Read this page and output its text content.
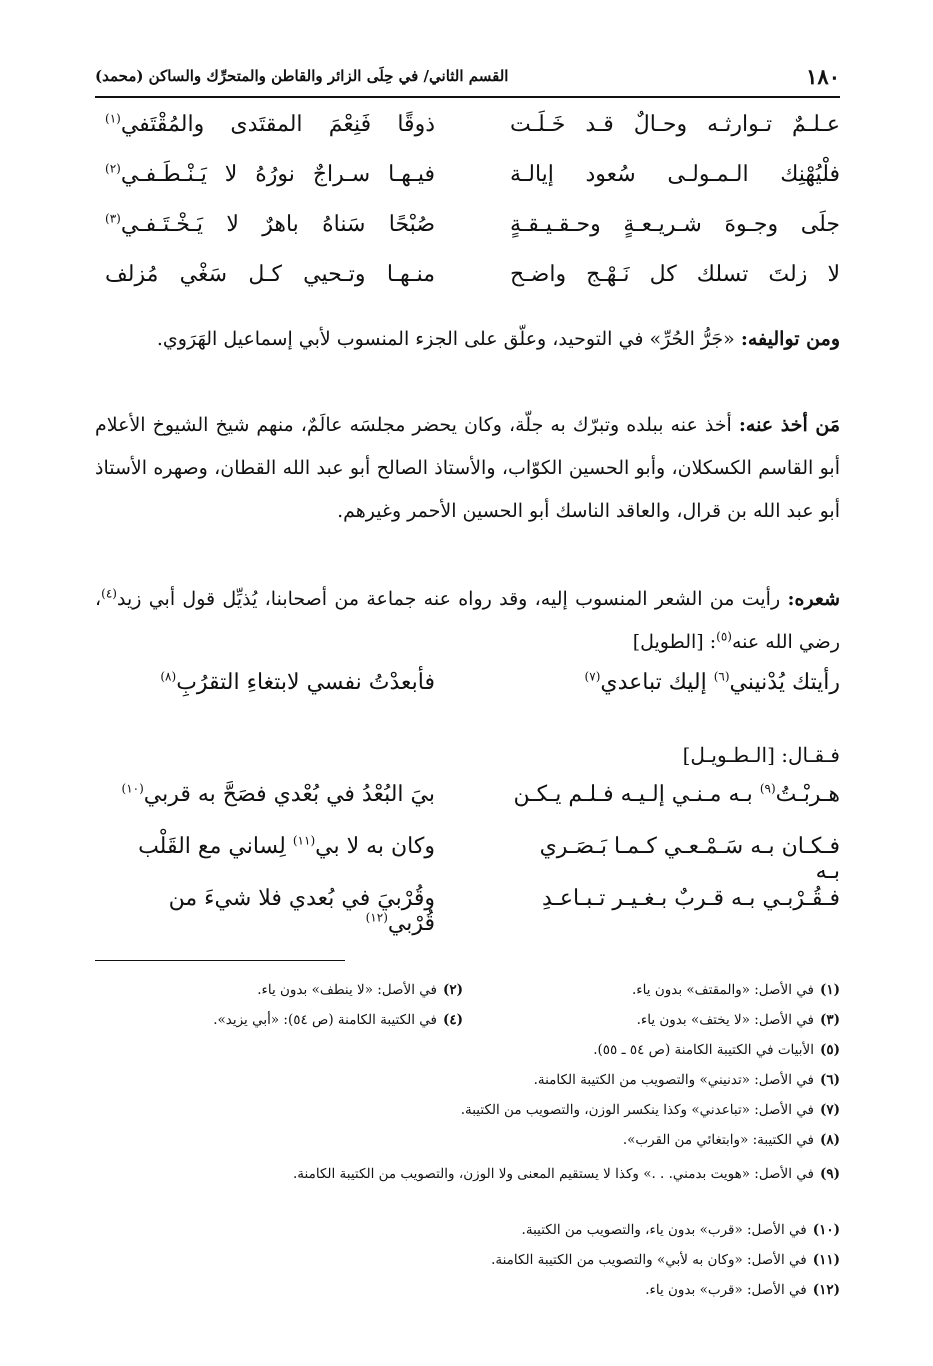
١٨٠
القسم الثاني/ في حِلَى الزائر والقاطن والمتحرِّك والساكن (محمد)
عـلـمٌ تـوارثـه وحـالٌ قـد خَـلَـت
ذوقًا فَنِعْمَ المقتَدى والمُقْتَفي$^{(١)}$
فلْيُهْنِك الـمـولـى سُعود إيالـة
فيـهـا سـراجٌ نورُهُ لا يَـنْـطَـفـي$^{(٢)}$
جلَى وجـوهَ شـريـعـةٍ وحـقـيـقـةٍ
صُبْحًا سَناهُ باهرٌ لا يَـخْـتَـفـي$^{(٣)}$
لا زلتَ تسلك كل نَـهْـج واضـح
منـهـا وتـحيي كـل سَغْي مُزلف
ومن تواليفه: «جَرُّ الحُرِّ» في التوحيد، وعلّق على الجزء المنسوب لأبي إسماعيل الهَرَوي.
مَن أخذ عنه: أخذ عنه ببلده وتبرّك به جلّة، وكان يحضر مجلسَه عالَمٌ، منهم شيخ الشيوخ الأعلام أبو القاسم الكسكلان، وأبو الحسين الكوّاب، والأستاذ الصالح أبو عبد الله القطان، وصهره الأستاذ أبو عبد الله بن قرال، والعاقد الناسك أبو الحسين الأحمر وغيرهم.
شعره: رأيت من الشعر المنسوب إليه، وقد رواه عنه جماعة من أصحابنا، يُذيِّل قول أبي زيد$^{(٤)}$، رضي الله عنه$^{(٥)}$: [الطويل]
رأيتك يُدْنيني$^{(٦)}$ إليك تباعدي$^{(٧)}$
فأبعدْتُ نفسي لابتغاءِ التقرُبِ$^{(٨)}$
فـقـال: [الـطـويـل]
هـربْـتُ$^{(٩)}$ بـه مـنـي إلـيـه فـلـم يـكـن
بيَ البُعْدُ في بُعْدي فصَحَّ به قربي$^{(١٠)}$
فـكـان بـه سَـمْـعـي كـمـا بَـصَـري بـه
وكان به لا بي$^{(١١)}$ لِساني مع القَلْب
فـقُـرْبـي بـه قـربٌ بـغـيـر تـبـاعـدِ
وقُرْبيَ في بُعدي فلا شيءَ من قُرْبي$^{(١٢)}$
(١)في الأصل: «والمقتف» بدون ياء.
(٢)في الأصل: «لا ينطف» بدون ياء.
(٣)في الأصل: «لا يختف» بدون ياء.
(٤)في الكتيبة الكامنة (ص ٥٤): «أبي يزيد».
(٥)الأبيات في الكتيبة الكامنة (ص ٥٤ ـ ٥٥).
(٦)في الأصل: «تدنيني» والتصويب من الكتيبة الكامنة.
(٧)في الأصل: «تباعدني» وكذا ينكسر الوزن، والتصويب من الكتيبة.
(٨)في الكتيبة: «وابتغائي من القرب».
(٩)في الأصل: «هويت بدمني. . .» وكذا لا يستقيم المعنى ولا الوزن، والتصويب من الكتيبة الكامنة.
(١٠)في الأصل: «قرب» بدون ياء، والتصويب من الكتيبة.
(١١)في الأصل: «وكان به لأبي» والتصويب من الكتيبة الكامنة.
(١٢)في الأصل: «قرب» بدون ياء.
